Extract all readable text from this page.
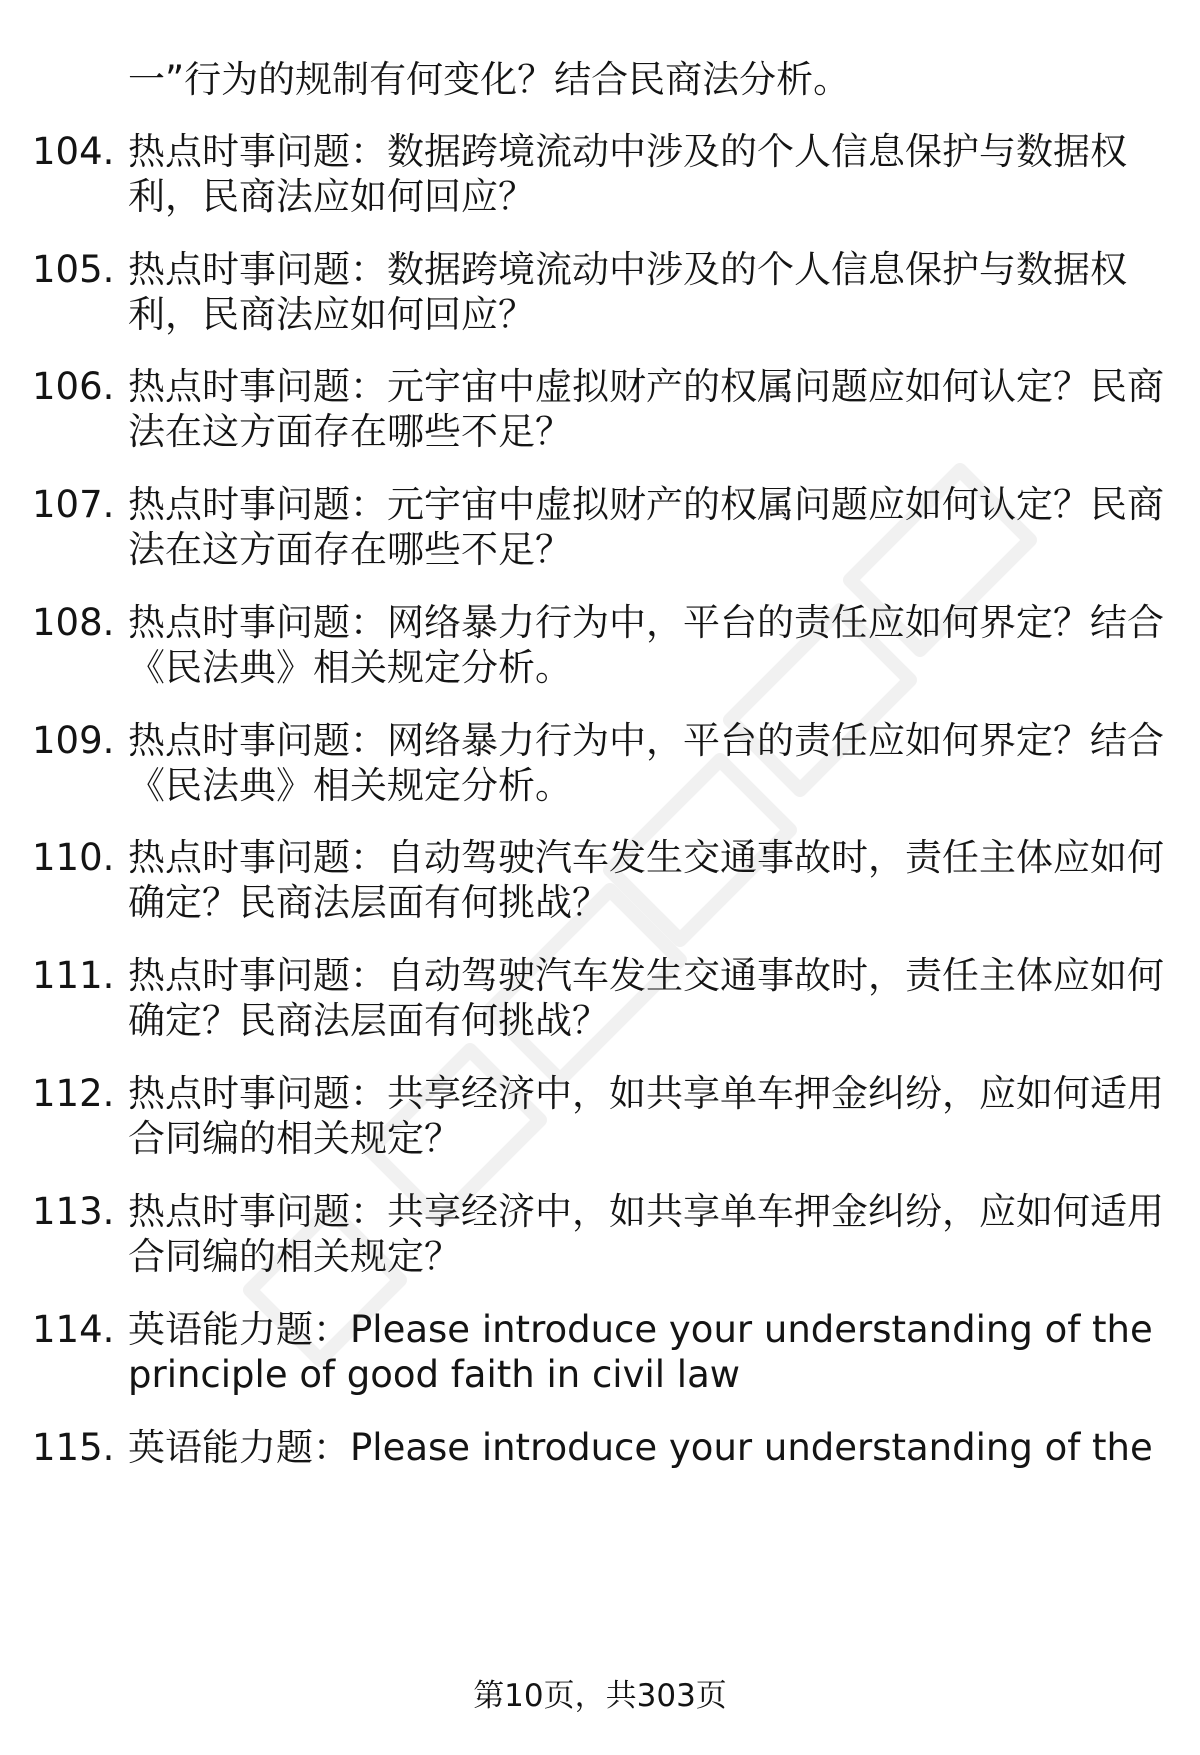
一”行为的规制有何变化？结合民商法分析。
104. 热点时事问题：数据跨境流动中涉及的个人信息保护与数据权
利，民商法应如何回应？
105. 热点时事问题：数据跨境流动中涉及的个人信息保护与数据权
利，民商法应如何回应？
106. 热点时事问题：元宇宙中虚拟财产的权属问题应如何认定？民商
法在这方面存在哪些不足？
107. 热点时事问题：元宇宙中虚拟财产的权属问题应如何认定？民商
法在这方面存在哪些不足？
108. 热点时事问题：网络暴力行为中，平台的责任应如何界定？结合
《民法典》相关规定分析。
109. 热点时事问题：网络暴力行为中，平台的责任应如何界定？结合
《民法典》相关规定分析。
110. 热点时事问题：自动驾驶汽车发生交通事故时，责任主体应如何
确定？民商法层面有何挑战？
111. 热点时事问题：自动驾驶汽车发生交通事故时，责任主体应如何
确定？民商法层面有何挑战？
112. 热点时事问题：共享经济中，如共享单车押金纠纷，应如何适用
合同编的相关规定？
113. 热点时事问题：共享经济中，如共享单车押金纠纷，应如何适用
合同编的相关规定？
114. 英语能力题：Please introduce your understanding of the
principle of good faith in civil law
115. 英语能力题：Please introduce your understanding of the
第10页，共303页
